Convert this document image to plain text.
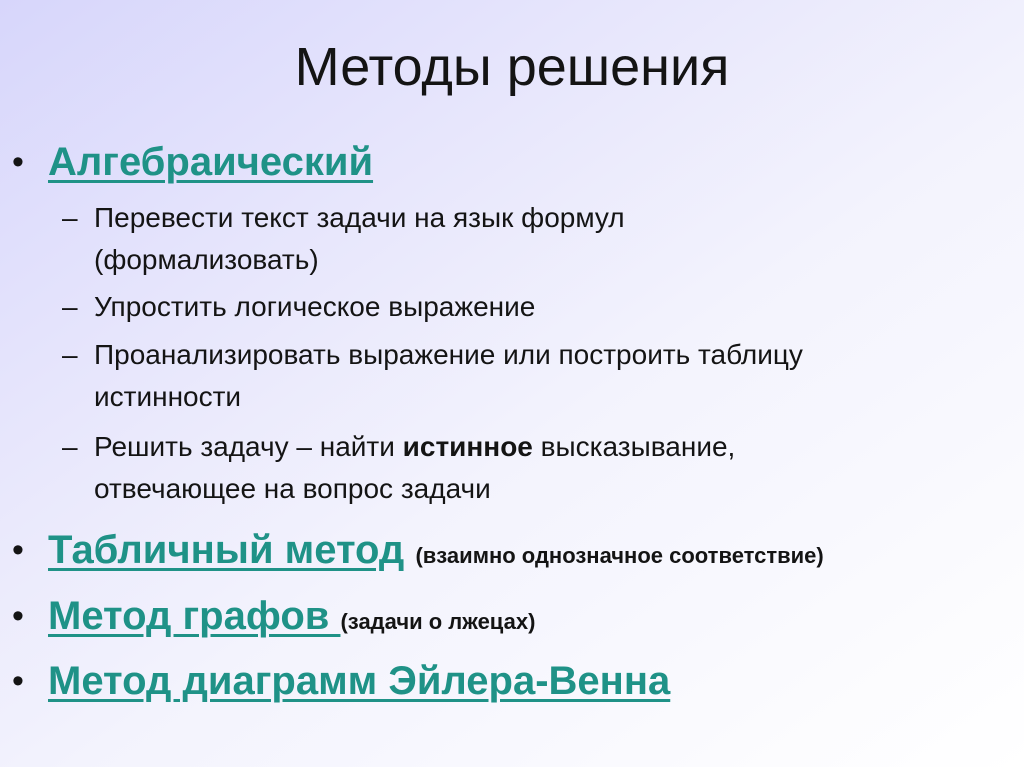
Методы решения
• Алгебраический
– Перевести текст задачи на язык формул
(формализовать)
– Упростить логическое выражение
– Проанализировать выражение или построить таблицу
истинности
– Решить задачу – найти истинное высказывание,
отвечающее на вопрос задачи
• Табличный метод (взаимно однозначное соответствие)
• Метод графов (задачи о лжецах)
• Метод диаграмм Эйлера-Венна
